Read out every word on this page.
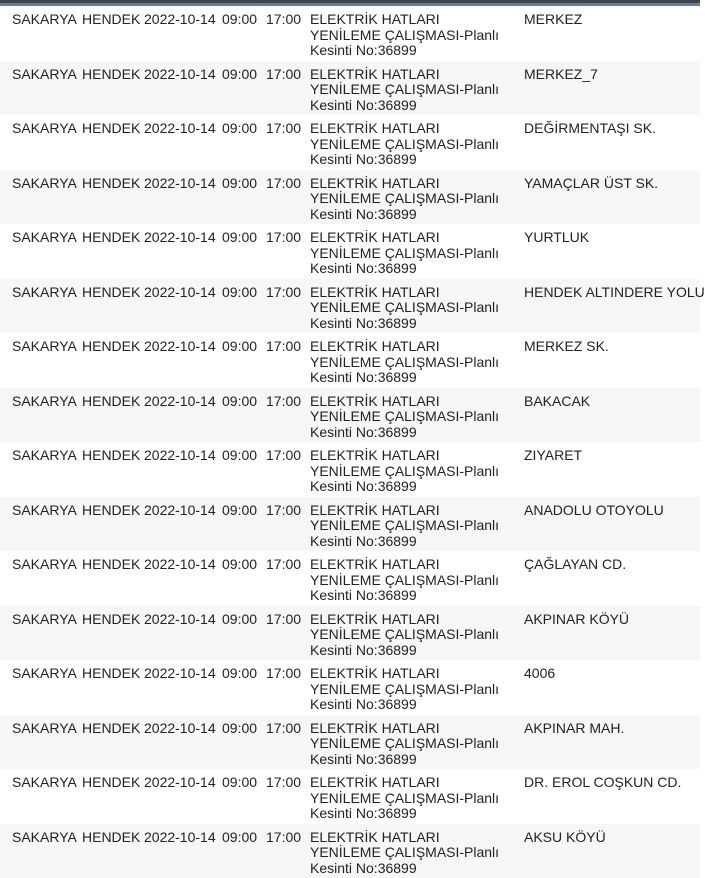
SAKARYA	HENDEK	2022-10-14	09:00	17:00	ELEKTRİK HATLARI YENİLEME ÇALIŞMASI-Planlı Kesinti No:36899	MERKEZ
SAKARYA	HENDEK	2022-10-14	09:00	17:00	ELEKTRİK HATLARI YENİLEME ÇALIŞMASI-Planlı Kesinti No:36899	MERKEZ_7
SAKARYA	HENDEK	2022-10-14	09:00	17:00	ELEKTRİK HATLARI YENİLEME ÇALIŞMASI-Planlı Kesinti No:36899	DEĞİRMENTAŞI SK.
SAKARYA	HENDEK	2022-10-14	09:00	17:00	ELEKTRİK HATLARI YENİLEME ÇALIŞMASI-Planlı Kesinti No:36899	YAMAÇLAR ÜST SK.
SAKARYA	HENDEK	2022-10-14	09:00	17:00	ELEKTRİK HATLARI YENİLEME ÇALIŞMASI-Planlı Kesinti No:36899	YURTLUK
SAKARYA	HENDEK	2022-10-14	09:00	17:00	ELEKTRİK HATLARI YENİLEME ÇALIŞMASI-Planlı Kesinti No:36899	HENDEK ALTINDERE YOLU
SAKARYA	HENDEK	2022-10-14	09:00	17:00	ELEKTRİK HATLARI YENİLEME ÇALIŞMASI-Planlı Kesinti No:36899	MERKEZ SK.
SAKARYA	HENDEK	2022-10-14	09:00	17:00	ELEKTRİK HATLARI YENİLEME ÇALIŞMASI-Planlı Kesinti No:36899	BAKACAK
SAKARYA	HENDEK	2022-10-14	09:00	17:00	ELEKTRİK HATLARI YENİLEME ÇALIŞMASI-Planlı Kesinti No:36899	ZIYARET
SAKARYA	HENDEK	2022-10-14	09:00	17:00	ELEKTRİK HATLARI YENİLEME ÇALIŞMASI-Planlı Kesinti No:36899	ANADOLU OTOYOLU
SAKARYA	HENDEK	2022-10-14	09:00	17:00	ELEKTRİK HATLARI YENİLEME ÇALIŞMASI-Planlı Kesinti No:36899	ÇAĞLAYAN CD.
SAKARYA	HENDEK	2022-10-14	09:00	17:00	ELEKTRİK HATLARI YENİLEME ÇALIŞMASI-Planlı Kesinti No:36899	AKPINAR KÖYÜ
SAKARYA	HENDEK	2022-10-14	09:00	17:00	ELEKTRİK HATLARI YENİLEME ÇALIŞMASI-Planlı Kesinti No:36899	4006
SAKARYA	HENDEK	2022-10-14	09:00	17:00	ELEKTRİK HATLARI YENİLEME ÇALIŞMASI-Planlı Kesinti No:36899	AKPINAR MAH.
SAKARYA	HENDEK	2022-10-14	09:00	17:00	ELEKTRİK HATLARI YENİLEME ÇALIŞMASI-Planlı Kesinti No:36899	DR. EROL COŞKUN CD.
SAKARYA	HENDEK	2022-10-14	09:00	17:00	ELEKTRİK HATLARI YENİLEME ÇALIŞMASI-Planlı Kesinti No:36899	AKSU KÖYÜ
